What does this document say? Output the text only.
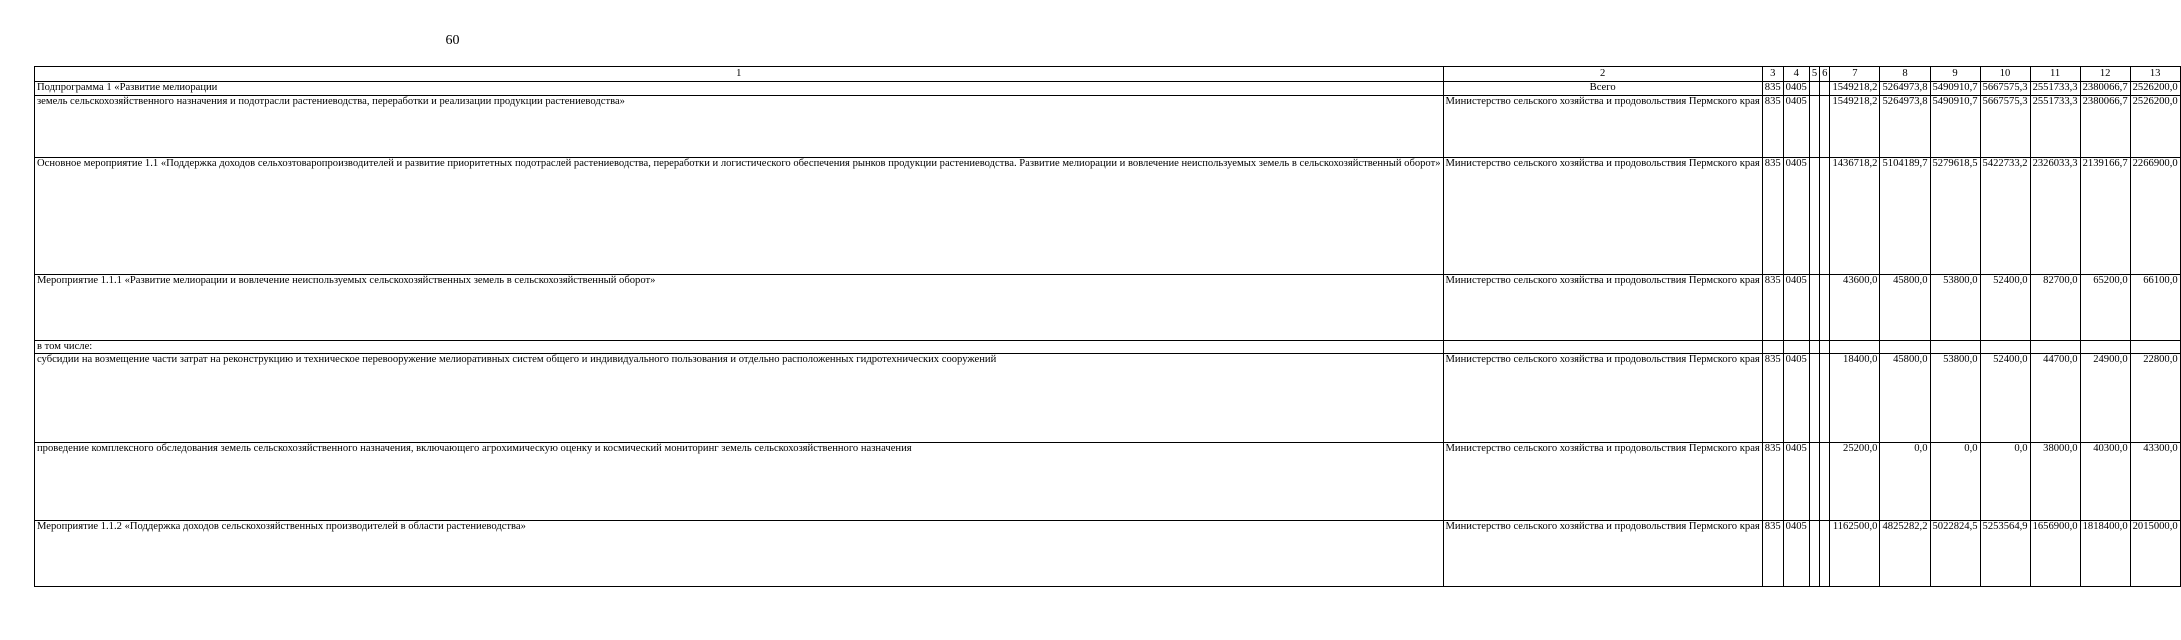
60
1	2	3	4	5	6	7	8	9	10	11	12	13
Подпрограмма 1 «Развитие мелиорации	Всего	835	0405			1549218,2	5264973,8	5490910,7	5667575,3	2551733,3	2380066,7	2526200,0
земель сельскохозяйственного назначения и подотрасли растениеводства, переработки и реализации продукции растениеводства»	Министерство сельского хозяйства и продовольствия Пермского края	835	0405			1549218,2	5264973,8	5490910,7	5667575,3	2551733,3	2380066,7	2526200,0
Основное мероприятие 1.1 «Поддержка доходов сельхозтоваропроизводителей и развитие приоритетных подотраслей растениеводства, переработки и логистического обеспечения рынков продукции растениеводства. Развитие мелиорации и вовлечение неиспользуемых земель в сельскохозяйственный оборот»	Министерство сельского хозяйства и продовольствия Пермского края	835	0405			1436718,2	5104189,7	5279618,5	5422733,2	2326033,3	2139166,7	2266900,0
Мероприятие 1.1.1 «Развитие мелиорации и вовлечение неиспользуемых сельскохозяйственных земель в сельскохозяйственный оборот»	Министерство сельского хозяйства и продовольствия Пермского края	835	0405			43600,0	45800,0	53800,0	52400,0	82700,0	65200,0	66100,0
в том числе:												
субсидии на возмещение части затрат на реконструкцию и техническое перевооружение мелиоративных систем общего и индивидуального пользования и отдельно расположенных гидротехнических сооружений	Министерство сельского хозяйства и продовольствия Пермского края	835	0405			18400,0	45800,0	53800,0	52400,0	44700,0	24900,0	22800,0
проведение комплексного обследования земель сельскохозяйственного назначения, включающего агрохимическую оценку и космический мониторинг земель сельскохозяйственного назначения	Министерство сельского хозяйства и продовольствия Пермского края	835	0405			25200,0	0,0	0,0	0,0	38000,0	40300,0	43300,0
Мероприятие 1.1.2 «Поддержка доходов сельскохозяйственных производителей в области растениеводства»	Министерство сельского хозяйства и продовольствия Пермского края	835	0405			1162500,0	4825282,2	5022824,5	5253564,9	1656900,0	1818400,0	2015000,0
